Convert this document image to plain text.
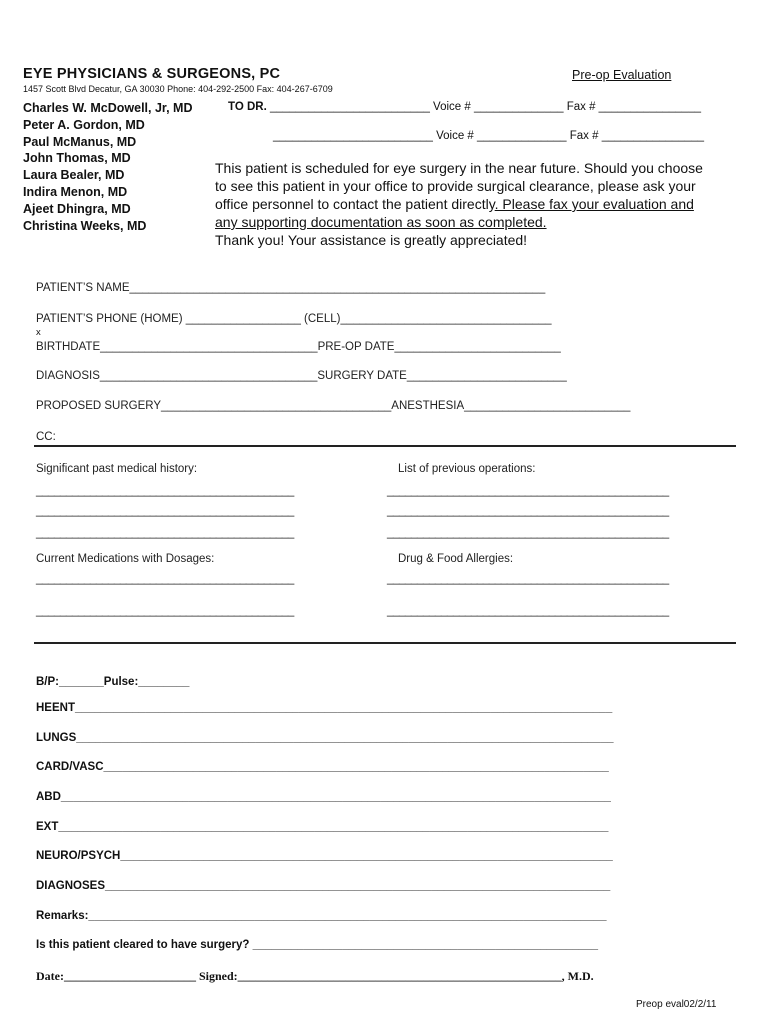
EYE PHYSICIANS & SURGEONS, PC
1457 Scott Blvd Decatur, GA 30030 Phone: 404-292-2500 Fax: 404-267-6709
Pre-op Evaluation
Charles W. McDowell, Jr, MD
Peter A. Gordon, MD
Paul McManus, MD
John Thomas, MD
Laura Bealer, MD
Indira Menon, MD
Ajeet Dhingra, MD
Christina Weeks, MD
TO DR. _________________________ Voice # ______________ Fax # ________________
_________________________ Voice # ______________ Fax # ________________
This patient is scheduled for eye surgery in the near future. Should you choose
to see this patient in your office to provide surgical clearance, please ask your
office personnel to contact the patient directly. Please fax your evaluation and
any supporting documentation as soon as completed.
Thank you! Your assistance is greatly appreciated!
PATIENT’S NAME_________________________________________________________________
PATIENT’S PHONE (HOME) __________________ (CELL)_________________________________
x
BIRTHDATE__________________________________PRE-OP DATE__________________________
DIAGNOSIS__________________________________SURGERY DATE_________________________
PROPOSED SURGERY____________________________________ANESTHESIA__________________________
CC:
Significant past medical history:	List of previous operations:
___________________________________________
___________________________________________
___________________________________________
_______________________________________________
_______________________________________________
_______________________________________________
Current Medications with Dosages:	Drug & Food Allergies:
___________________________________________
___________________________________________
_______________________________________________
_______________________________________________
B/P:_______Pulse:________
HEENT____________________________________________________________________________________
LUNGS____________________________________________________________________________________
CARD/VASC_______________________________________________________________________________
ABD______________________________________________________________________________________
EXT______________________________________________________________________________________
NEURO/PSYCH_____________________________________________________________________________
DIAGNOSES_______________________________________________________________________________
Remarks:_________________________________________________________________________________
Is this patient cleared to have surgery? ______________________________________________________
Date:______________________ Signed:______________________________________________________, M.D.
Preop eval02/2/11
